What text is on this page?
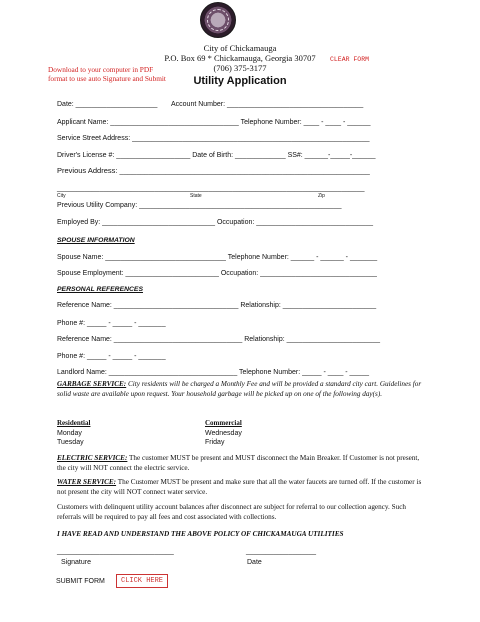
City of Chickamauga
P.O. Box 69 * Chickamauga, Georgia 30707
(706) 375-3177
Download to your computer in PDF
format to use auto Signature and Submit
CLEAR FORM
Utility Application
Date: _____________________ Account Number: ___________________________________
Applicant Name: _________________________________ Telephone Number: ____ - ____ - ______
Service Street Address: _____________________________________________________________
Driver's License #: ___________________ Date of Birth: _____________ SS#: ______-_____-______
Previous Address: ____________________________________________________________
_______________________________________________________________________________
City	State	Zip
Previous Utility Company: ____________________________________________________
Employed By: _____________________________ Occupation: ______________________________
SPOUSE INFORMATION
Spouse Name: _______________________________ Telephone Number: ______ - ______ - _______
Spouse Employment: ________________________ Occupation: ______________________________
PERSONAL REFERENCES
Reference Name: ________________________________ Relationship: ________________________
Phone #: _____ - _____ - _______
Reference Name: _________________________________ Relationship: ________________________
Phone #: _____ - _____ - _______
Landlord Name: _________________________________ Telephone Number: _____ - ____ - _____
GARBAGE SERVICE: City residents will be charged a Monthly Fee and will be provided a standard city cart. Guidelines for solid waste are available upon request. Your household garbage will be picked up on one of the following day(s).
Residential
Monday
Tuesday
Commercial
Wednesday
Friday
ELECTRIC SERVICE: The customer MUST be present and MUST disconnect the Main Breaker. If Customer is not present, the city will NOT connect the electric service.
WATER SERVICE: The Customer MUST be present and make sure that all the water faucets are turned off. If the customer is not present the city will NOT connect water service.
Customers with delinquent utility account balances after disconnect are subject for referral to our collection agency. Such referrals will be required to pay all fees and cost associated with collections.
I HAVE READ AND UNDERSTAND THE ABOVE POLICY OF CHICKAMAUGA UTILITIES
______________________________	__________________
Signature	Date
SUBMIT FORM	CLICK HERE
